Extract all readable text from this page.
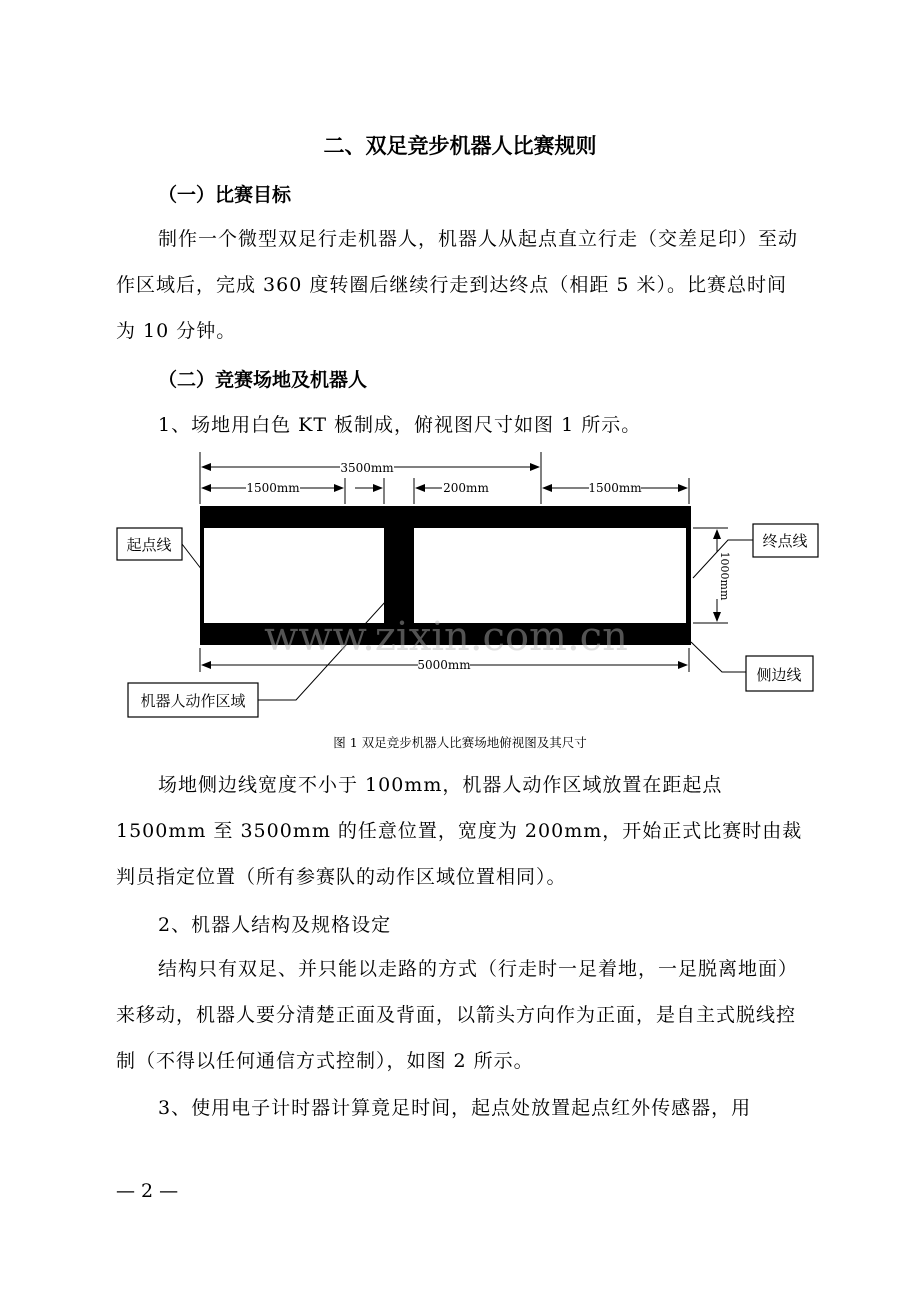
二、双足竞步机器人比赛规则
（一）比赛目标

制作一个微型双足行走机器人，机器人从起点直立行走（交差足印）至动作区域后，完成 360 度转圈后继续行走到达终点（相距 5 米）。比赛总时间为 10 分钟。

（二）竞赛场地及机器人
1、场地用白色 KT 板制成，俯视图尺寸如图 1 所示。
3500mm
1500mm	200mm	1500mm
5000mm
1000mm
起点线	终点线
侧边线
机器人动作区域
www.zixin.com.cn
图 1 双足竞步机器人比赛场地俯视图及其尺寸

场地侧边线宽度不小于 100mm，机器人动作区域放置在距起点 1500mm 至 3500mm 的任意位置，宽度为 200mm，开始正式比赛时由裁判员指定位置（所有参赛队的动作区域位置相同）。

2、机器人结构及规格设定

结构只有双足、并只能以走路的方式（行走时一足着地，一足脱离地面）来移动，机器人要分清楚正面及背面，以箭头方向作为正面，是自主式脱线控制（不得以任何通信方式控制），如图 2 所示。

3、使用电子计时器计算竟足时间，起点处放置起点红外传感器，用
— 2 —
